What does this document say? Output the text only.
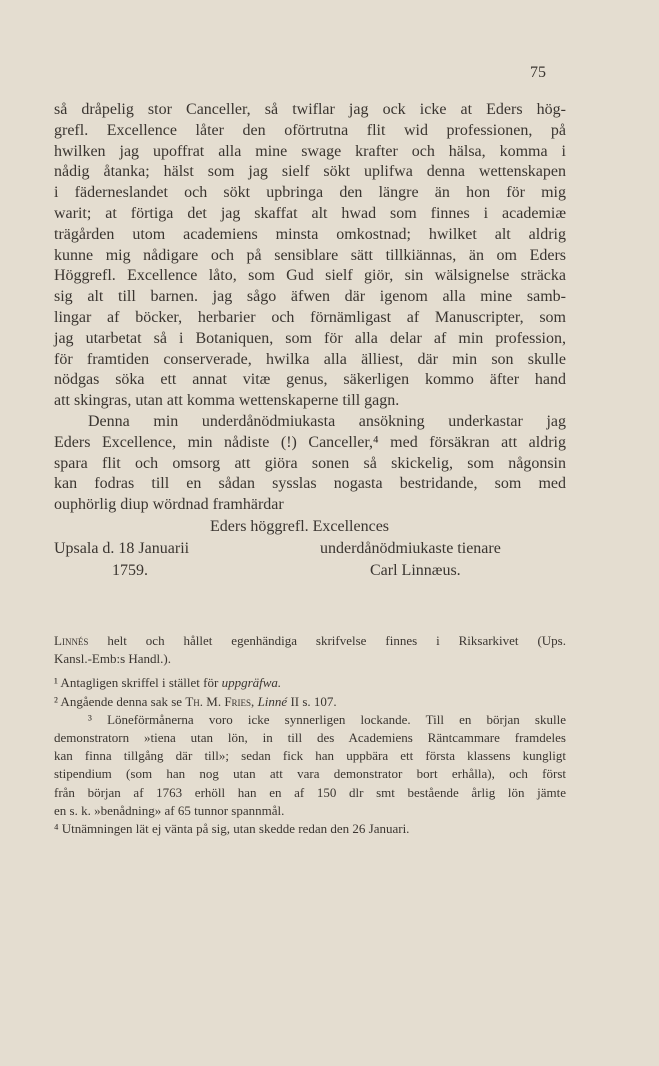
75
så dråpelig stor Canceller, så twiflar jag ock icke at Eders hög-
grefl. Excellence låter den oförtrutna flit wid professionen, på
hwilken jag upoffrat alla mine swage krafter och hälsa, komma i
nådig åtanka; hälst som jag sielf sökt uplifwa denna wettenskapen
i fäderneslandet och sökt upbringa den längre än hon för mig
warit; at förtiga det jag skaffat alt hwad som finnes i academiæ
trägården utom academiens minsta omkostnad; hwilket alt aldrig
kunne mig nådigare och på sensiblare sätt tillkiännas, än om Eders
Höggrefl. Excellence låto, som Gud sielf giör, sin wälsignelse sträcka
sig alt till barnen. jag sågo äfwen där igenom alla mine samb-
lingar af böcker, herbarier och förnämligast af Manuscripter, som
jag utarbetat så i Botaniquen, som för alla delar af min profession,
för framtiden conserverade, hwilka alla älliest, där min son skulle
nödgas söka ett annat vitæ genus, säkerligen kommo äfter hand
att skingras, utan att komma wettenskaperne till gagn.
Denna min underdånödmiukasta ansökning underkastar jag
Eders Excellence, min nådiste (!) Canceller,⁴ med försäkran att aldrig
spara flit och omsorg att giöra sonen så skickelig, som någonsin
kan fodras till en sådan sysslas nogasta bestridande, som med
ouphörlig diup wördnad framhärdar
Eders höggrefl. Excellences
Upsala d. 18 Januarii	underdånödmiukaste tienare
1759.	Carl Linnæus.
Linnés helt och hållet egenhändiga skrifvelse finnes i Riksarkivet (Ups.
Kansl.-Emb:s Handl.).
¹ Antagligen skriffel i stället för uppgräfwa.
² Angående denna sak se Th. M. Fries, Linné II s. 107.
³ Löneförmånerna voro icke synnerligen lockande. Till en början skulle
demonstratorn »tiena utan lön, in till des Academiens Räntcammare framdeles
kan finna tillgång där till»; sedan fick han uppbära ett första klassens kungligt
stipendium (som han nog utan att vara demonstrator bort erhålla), och först
från början af 1763 erhöll han en af 150 dlr smt bestående årlig lön jämte
en s. k. »benådning» af 65 tunnor spannmål.
⁴ Utnämningen lät ej vänta på sig, utan skedde redan den 26 Januari.
